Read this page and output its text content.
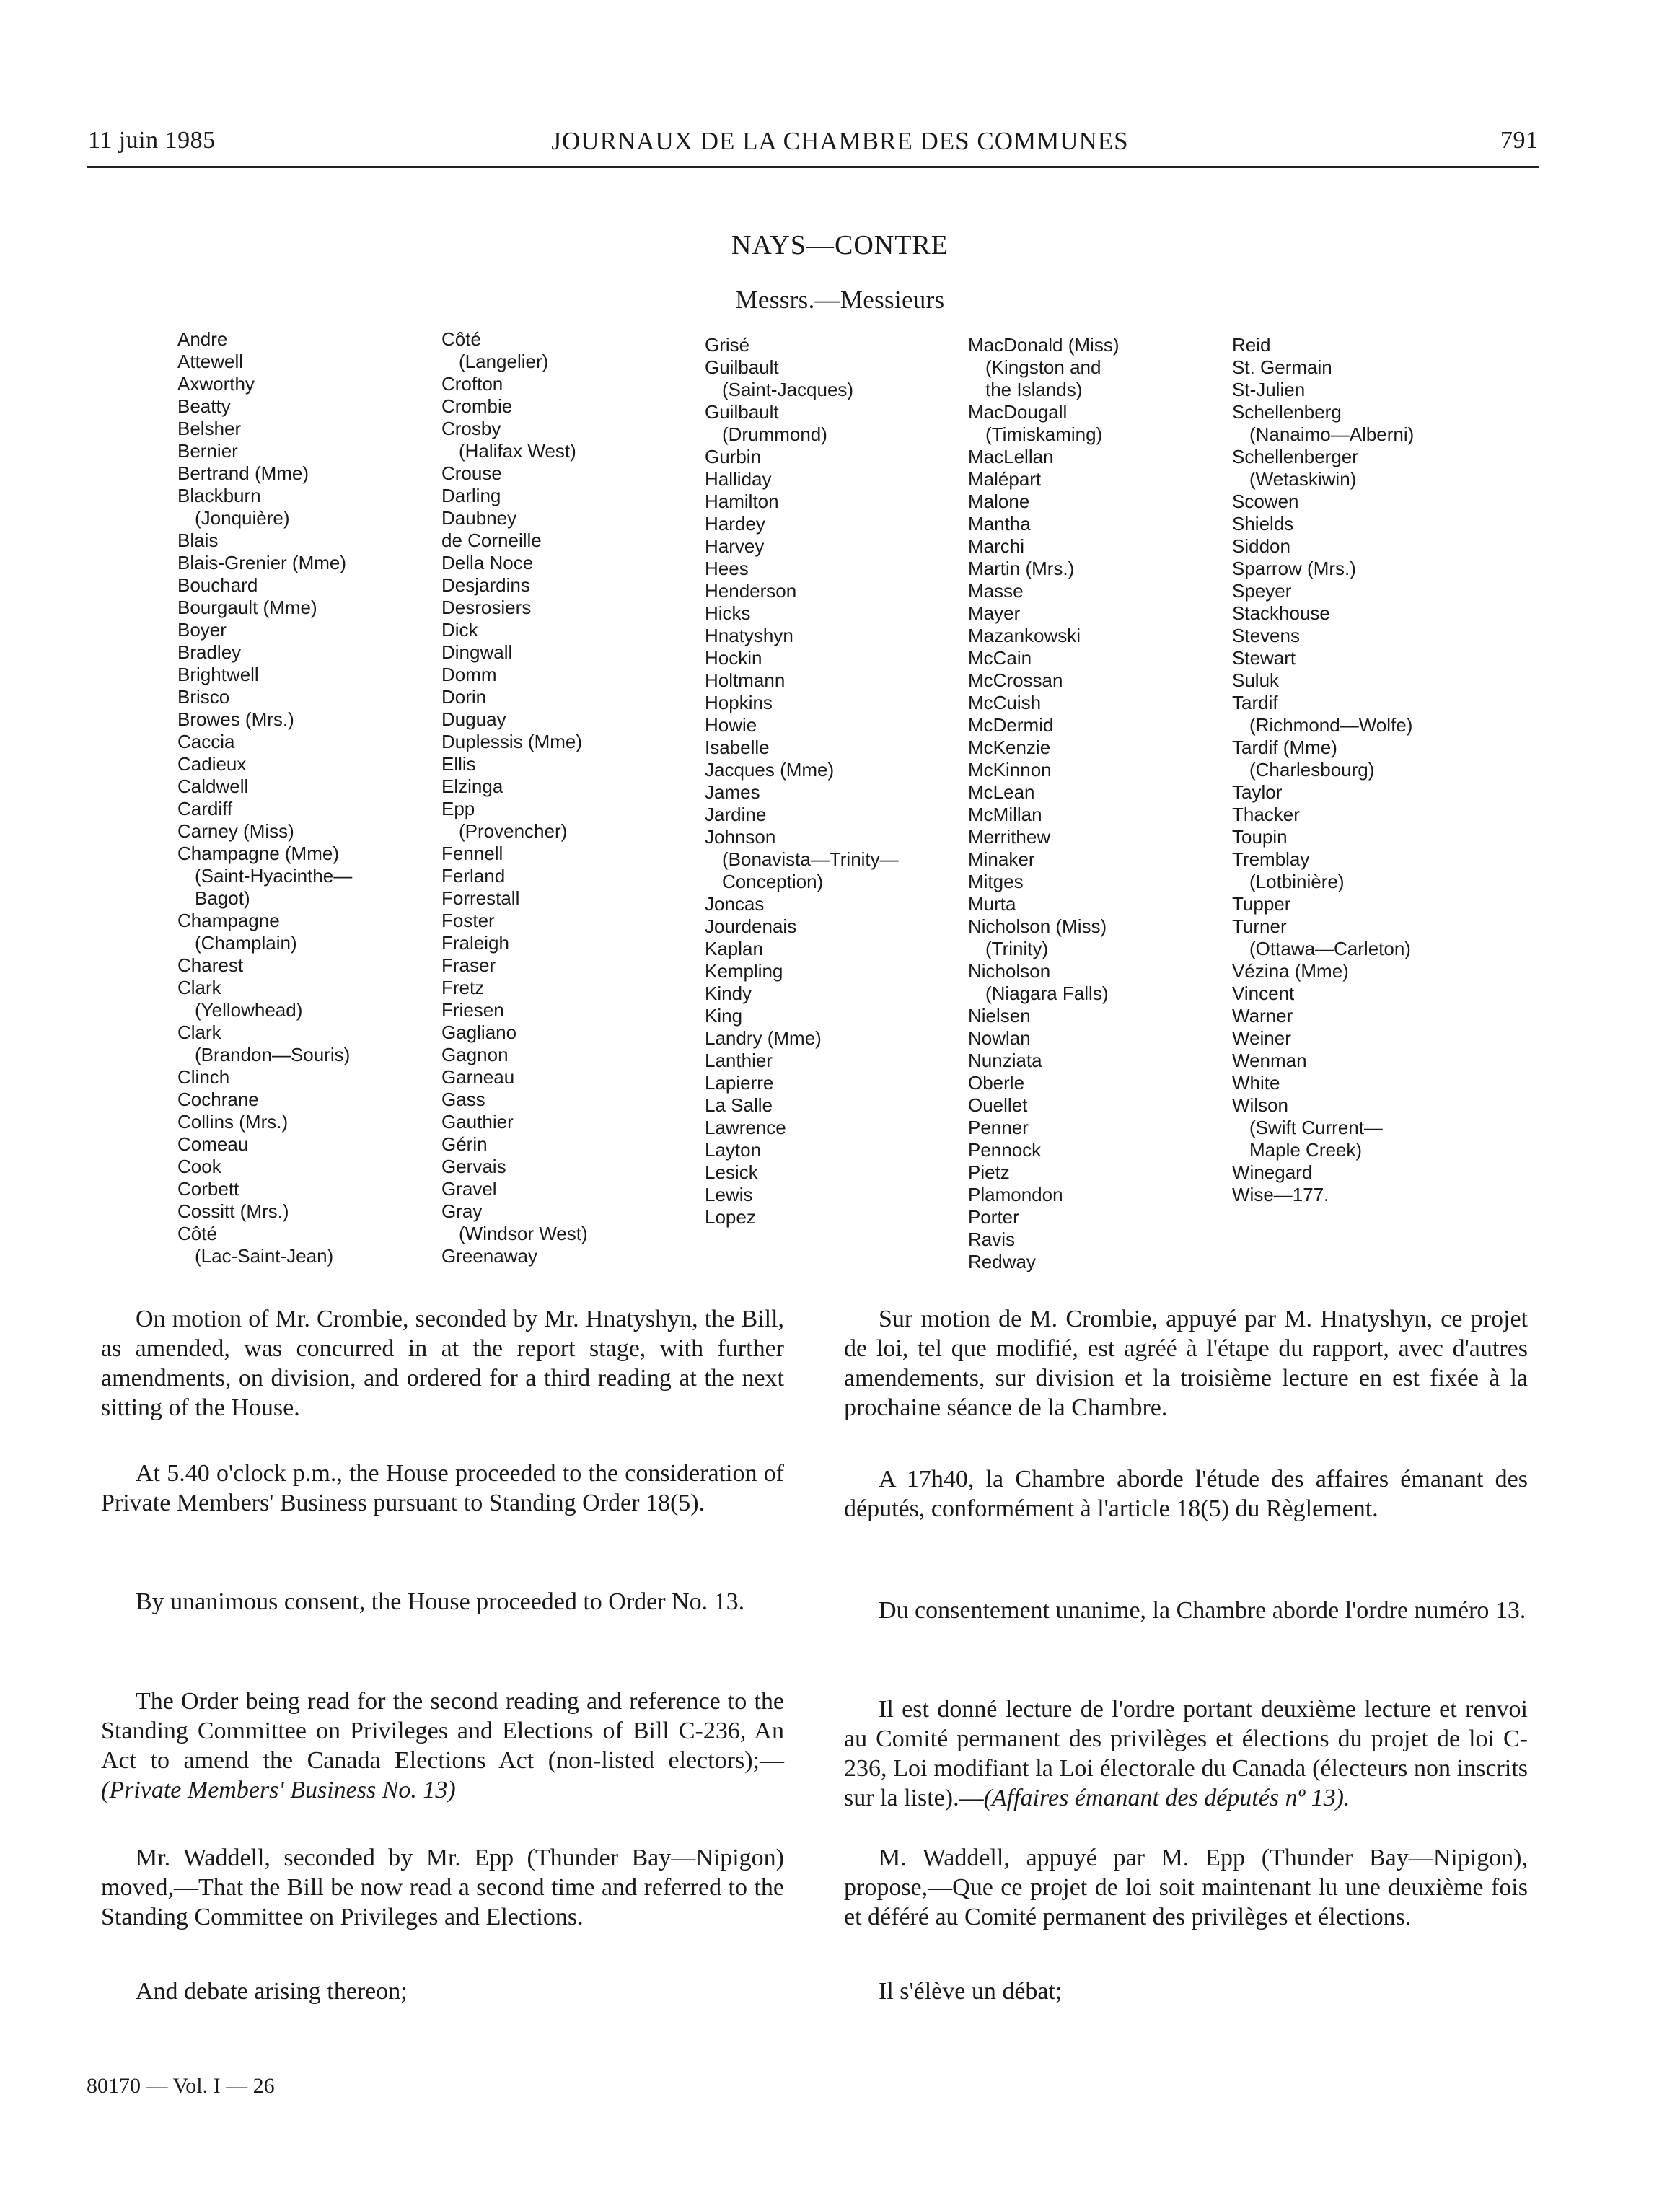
11 juin 1985	JOURNAUX DE LA CHAMBRE DES COMMUNES	791
NAYS—CONTRE
Messrs.—Messieurs
Andre
Attewell
Axworthy
Beatty
Belsher
Bernier
Bertrand (Mme)
Blackburn
(Jonquière)
Blais
Blais-Grenier (Mme)
Bouchard
Bourgault (Mme)
Boyer
Bradley
Brightwell
Brisco
Browes (Mrs.)
Caccia
Cadieux
Caldwell
Cardiff
Carney (Miss)
Champagne (Mme)
(Saint-Hyacinthe—
Bagot)
Champagne
(Champlain)
Charest
Clark
(Yellowhead)
Clark
(Brandon—Souris)
Clinch
Cochrane
Collins (Mrs.)
Comeau
Cook
Corbett
Cossitt (Mrs.)
Côté
(Lac-Saint-Jean)
Côté
(Langelier)
Crofton
Crombie
Crosby
(Halifax West)
Crouse
Darling
Daubney
de Corneille
Della Noce
Desjardins
Desrosiers
Dick
Dingwall
Domm
Dorin
Duguay
Duplessis (Mme)
Ellis
Elzinga
Epp
(Provencher)
Fennell
Ferland
Forrestall
Foster
Fraleigh
Fraser
Fretz
Friesen
Gagliano
Gagnon
Garneau
Gass
Gauthier
Gérin
Gervais
Gravel
Gray
(Windsor West)
Greenaway
Grisé
Guilbault
(Saint-Jacques)
Guilbault
(Drummond)
Gurbin
Halliday
Hamilton
Hardey
Harvey
Hees
Henderson
Hicks
Hnatyshyn
Hockin
Holtmann
Hopkins
Howie
Isabelle
Jacques (Mme)
James
Jardine
Johnson
(Bonavista—Trinity—
Conception)
Joncas
Jourdenais
Kaplan
Kempling
Kindy
King
Landry (Mme)
Lanthier
Lapierre
La Salle
Lawrence
Layton
Lesick
Lewis
Lopez
MacDonald (Miss)
(Kingston and
the Islands)
MacDougall
(Timiskaming)
MacLellan
Malépart
Malone
Mantha
Marchi
Martin (Mrs.)
Masse
Mayer
Mazankowski
McCain
McCrossan
McCuish
McDermid
McKenzie
McKinnon
McLean
McMillan
Merrithew
Minaker
Mitges
Murta
Nicholson (Miss)
(Trinity)
Nicholson
(Niagara Falls)
Nielsen
Nowlan
Nunziata
Oberle
Ouellet
Penner
Pennock
Pietz
Plamondon
Porter
Ravis
Redway
Reid
St. Germain
St-Julien
Schellenberg
(Nanaimo—Alberni)
Schellenberger
(Wetaskiwin)
Scowen
Shields
Siddon
Sparrow (Mrs.)
Speyer
Stackhouse
Stevens
Stewart
Suluk
Tardif
(Richmond—Wolfe)
Tardif (Mme)
(Charlesbourg)
Taylor
Thacker
Toupin
Tremblay
(Lotbinière)
Tupper
Turner
(Ottawa—Carleton)
Vézina (Mme)
Vincent
Warner
Weiner
Wenman
White
Wilson
(Swift Current—
Maple Creek)
Winegard
Wise—177.

On motion of Mr. Crombie, seconded by Mr. Hnatyshyn, the Bill, as amended, was concurred in at the report stage, with further amendments, on division, and ordered for a third reading at the next sitting of the House.

At 5.40 o'clock p.m., the House proceeded to the consideration of Private Members' Business pursuant to Standing Order 18(5).

By unanimous consent, the House proceeded to Order No. 13.

The Order being read for the second reading and reference to the Standing Committee on Privileges and Elections of Bill C-236, An Act to amend the Canada Elections Act (non-listed electors);—(Private Members' Business No. 13)

Mr. Waddell, seconded by Mr. Epp (Thunder Bay—Nipigon) moved,—That the Bill be now read a second time and referred to the Standing Committee on Privileges and Elections.

And debate arising thereon;

Sur motion de M. Crombie, appuyé par M. Hnatyshyn, ce projet de loi, tel que modifié, est agréé à l'étape du rapport, avec d'autres amendements, sur division et la troisième lecture en est fixée à la prochaine séance de la Chambre.

A 17h40, la Chambre aborde l'étude des affaires émanant des députés, conformément à l'article 18(5) du Règlement.

Du consentement unanime, la Chambre aborde l'ordre numéro 13.

Il est donné lecture de l'ordre portant deuxième lecture et renvoi au Comité permanent des privilèges et élections du projet de loi C-236, Loi modifiant la Loi électorale du Canada (électeurs non inscrits sur la liste).—(Affaires émanant des députés nº 13).

M. Waddell, appuyé par M. Epp (Thunder Bay—Nipigon), propose,—Que ce projet de loi soit maintenant lu une deuxième fois et déféré au Comité permanent des privilèges et élections.

Il s'élève un débat;

80170 — Vol. I — 26
